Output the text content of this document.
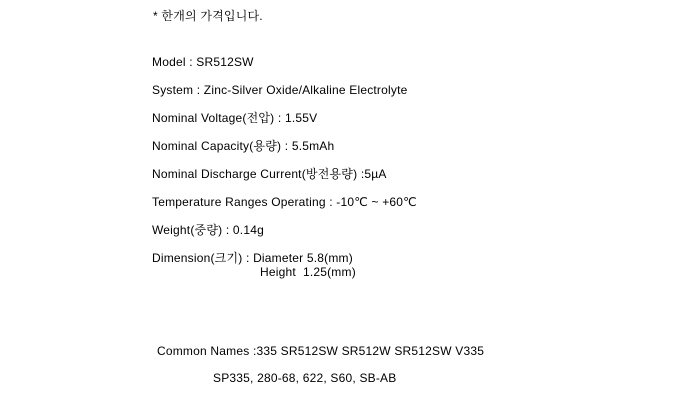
* 한개의 가격입니다.
Model : SR512SW
System : Zinc-Silver Oxide/Alkaline Electrolyte
Nominal Voltage(전압) : 1.55V
Nominal Capacity(용량) : 5.5mAh
Nominal Discharge Current(방전용량) :5µA
Temperature Ranges Operating : -10℃ ~ +60℃
Weight(중량) : 0.14g
Dimension(크기) : Diameter 5.8(mm)
Height  1.25(mm)
Common Names :335 SR512SW SR512W SR512SW V335
SP335, 280-68, 622, S60, SB-AB
